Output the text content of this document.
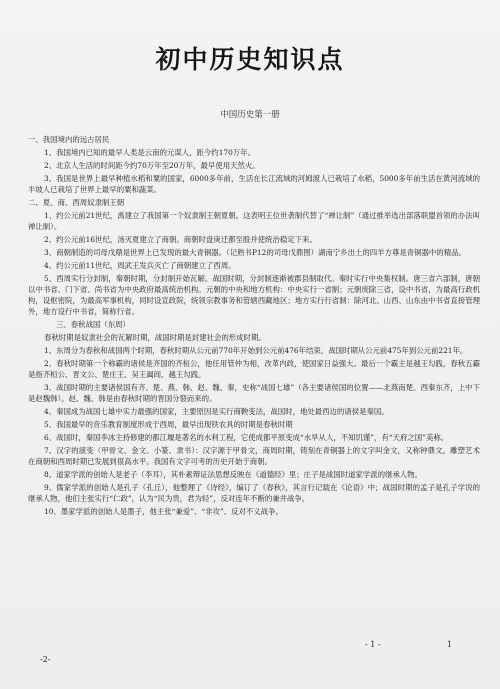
初中历史知识点
中国历史第一册

一、我国境内的远古居民

1、我国境内已知的最早人类是云南的元谋人，距今约170万年。

2、北京人生活的时间距今约70万年至20万年，最早使用天然火。

3、我国是世界上最早种植水稻和粟的国家，6000多年前，生活在长江流域的河姆渡人已栽培了水稻，5000多年前生活在黄河流域的半坡人已栽培了世界上最早的粟和蔬菜。

二、夏、商、西周奴隶制王朝

1、约公元前21世纪，禹建立了我国第一个奴隶制王朝夏朝。这表明王位世袭制代替了“禅让制”（通过推举选出部落联盟首领的办法叫禅让制）。

2、约公元前16世纪，汤灭夏建立了商朝。商朝时盘庚迁都至殷并使统治稳定下来。

3、商朝制造的司母戊鼎是世界上已发现的最大青铜器。（记熟书P12的司母戊鼎图）湖南宁乡出土的四羊方尊是青铜器中的精品。

4、约公元前11世纪，周武王发兵灭亡了商朝建立了西周。

5、西周实行分封制，秦朝时期，分封制开始瓦解。战国时期，分封制逐渐被郡县制取代。秦时实行中央集权制。唐三省六部制，唐朝以中书省、门下省、尚书省为中央政府最高统治机构。元朝的中央和地方机构：中央实行一省制；元朝废除三省，设中书省，为最高行政机构，设枢密院，为最高军事机构，同时设宣政院，统领宗教事务和管辖西藏地区；地方实行行省制：除河北、山西、山东由中书省直接管理外，地方设行中书省，简称行省。

三、春秋战国（东周）

春秋时期是奴隶社会的瓦解时期，战国时期是封建社会的形成时期。

1、东周分为春秋和战国两个时期，春秋时期从公元前770年开始到公元前476年结束。战国时期从公元前475年到公元前221年。

2、春秋时期第一个称霸的诸侯是齐国的齐桓公，他任用管仲为相，改革内政，使国家日益强大。最后一个霸主是越王勾践，春秋五霸是指齐桓公、晋文公、楚庄王、吴王阖闾、越王勾践。

3、战国时期的主要诸侯国有齐、楚、燕、韩、赵、魏、秦，史称“战国七雄”（各主要诸侯国的位置——北燕南楚、西秦东齐，上中下是赵魏韩）。赵、魏、韩是由春秋时期的晋国分裂而来的。

4、秦国成为战国七雄中实力最强的国家，主要原因是实行商鞅变法，战国时，地处最西边的诸侯是秦国。

5、我国最早的音乐教育制度形成于西周，最早出现铁农具的时期是春秋时期

6、战国时，秦国李冰主持修建的都江堰是著名的水利工程，它使成都平原变成“水旱从人，不知饥馑”，有“天府之国”美称。

7、汉字的演变（甲骨文、金文、小篆、隶书）：汉字源于甲骨文，商周时期，铸刻在青铜器上的文字叫金文，又称钟鼎文。雕塑艺术在商朝和西周时期已发展到很高水平。我国有文字可考的历史开始于商朝。

8、道家学派的创始人是老子（李耳），其朴素辩证法思想反映在《道德经》里；庄子是战国时道家学派的继承人物。

9、儒家学派的创始人是孔子（孔丘），他整理了《诗经》，编订了《春秋》，其言行记载在《论语》中；战国时期的孟子是孔子学说的继承人物，他们主张实行“仁政”，认为“民为贵，君为轻”，反对连年不断的兼并战争。

10、墨家学派的创始人是墨子，他主张“兼爱”、“非攻”、反对不义战争。

-2-
- 1 -	1
